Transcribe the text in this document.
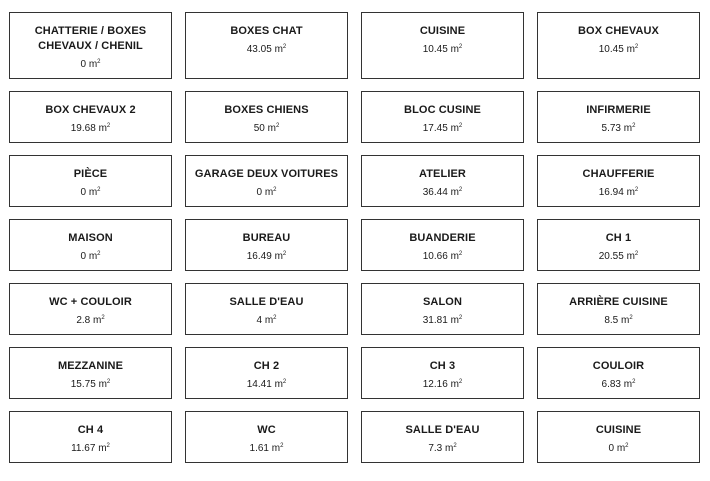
CHATTERIE / BOXES CHEVAUX / CHENIL
0 $m^2$
BOXES CHAT
43.05 $m^2$
CUISINE
10.45 $m^2$
BOX CHEVAUX
10.45 $m^2$
BOX CHEVAUX 2
19.68 $m^2$
BOXES CHIENS
50 $m^2$
BLOC CUSINE
17.45 $m^2$
INFIRMERIE
5.73 $m^2$
PIÈCE
0 $m^2$
GARAGE DEUX VOITURES
0 $m^2$
ATELIER
36.44 $m^2$
CHAUFFERIE
16.94 $m^2$
MAISON
0 $m^2$
BUREAU
16.49 $m^2$
BUANDERIE
10.66 $m^2$
CH 1
20.55 $m^2$
WC + COULOIR
2.8 $m^2$
SALLE D'EAU
4 $m^2$
SALON
31.81 $m^2$
ARRIÈRE CUISINE
8.5 $m^2$
MEZZANINE
15.75 $m^2$
CH 2
14.41 $m^2$
CH 3
12.16 $m^2$
COULOIR
6.83 $m^2$
CH 4
11.67 $m^2$
WC
1.61 $m^2$
SALLE D'EAU
7.3 $m^2$
CUISINE
0 $m^2$
